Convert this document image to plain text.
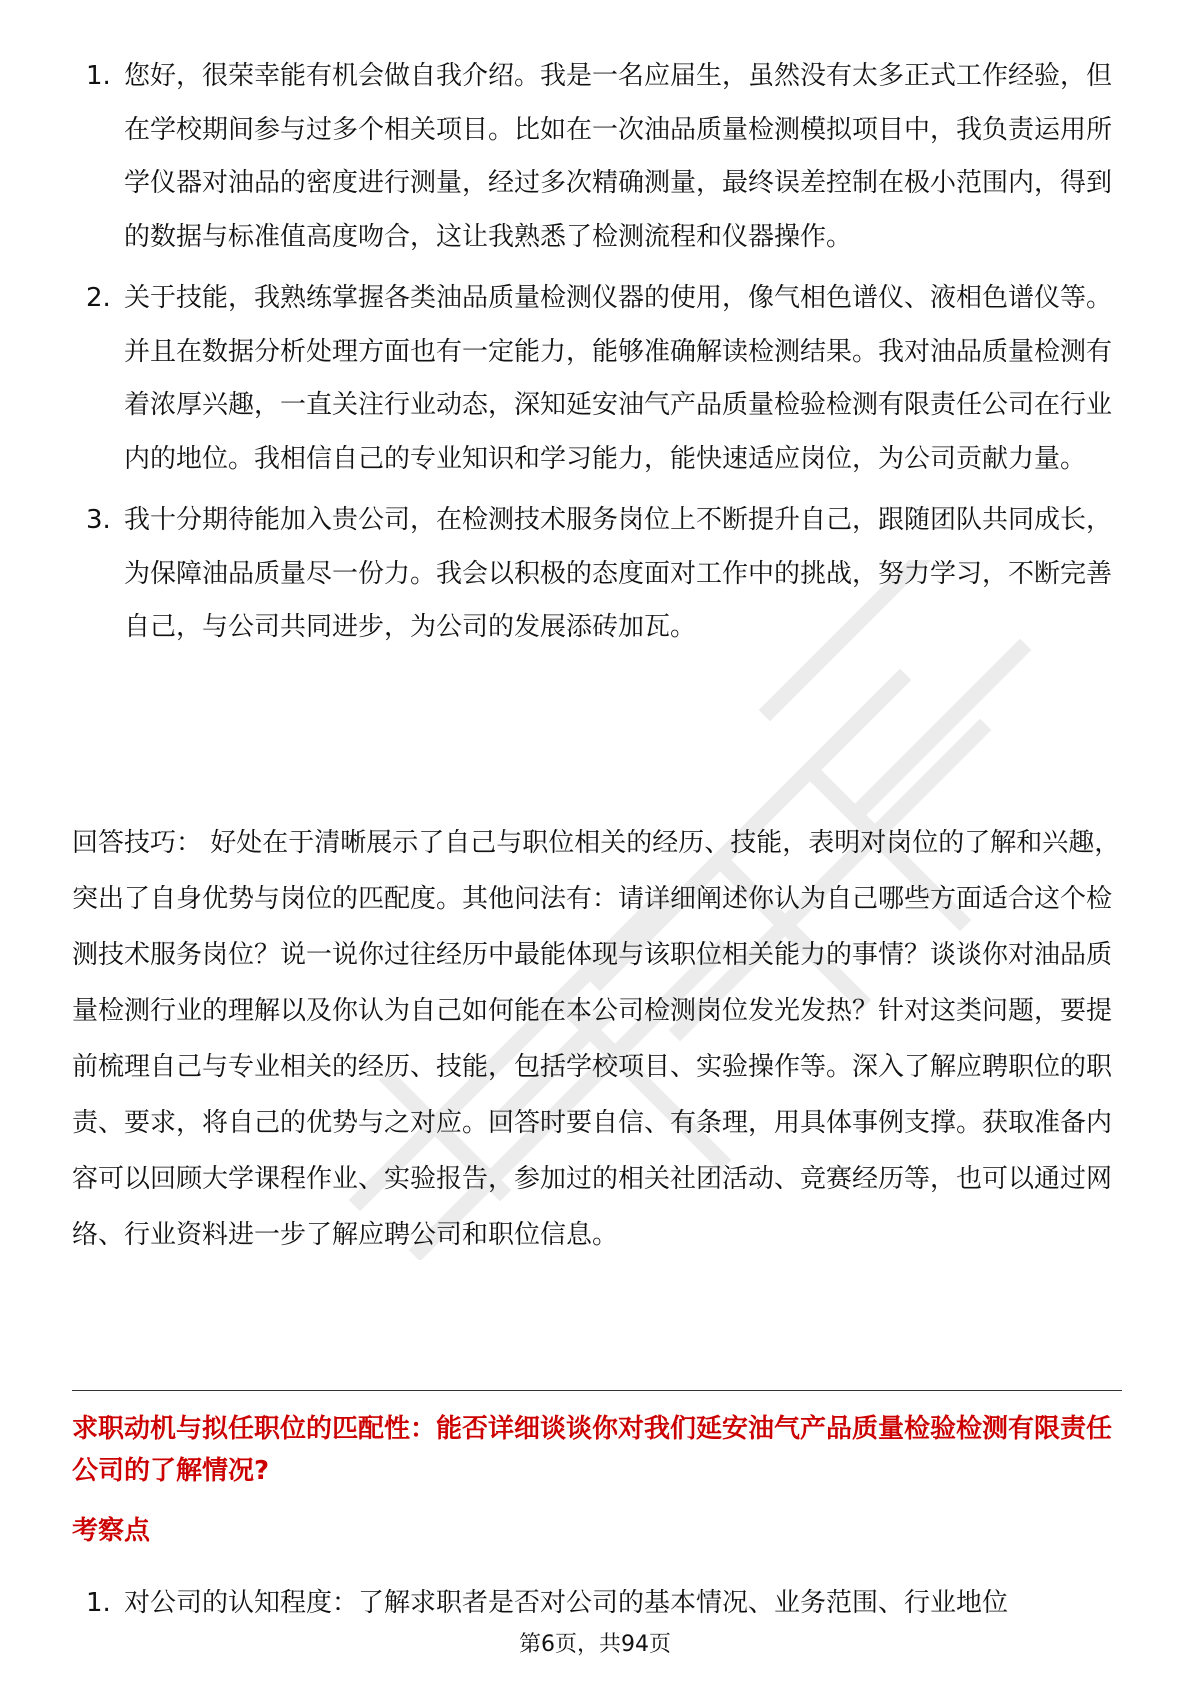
1. 您好，很荣幸能有机会做自我介绍。我是一名应届生，虽然没有太多正式工作经验，但在学校期间参与过多个相关项目。比如在一次油品质量检测模拟项目中，我负责运用所学仪器对油品的密度进行测量，经过多次精确测量，最终误差控制在极小范围内，得到的数据与标准值高度吻合，这让我熟悉了检测流程和仪器操作。
2. 关于技能，我熟练掌握各类油品质量检测仪器的使用，像气相色谱仪、液相色谱仪等。并且在数据分析处理方面也有一定能力，能够准确解读检测结果。我对油品质量检测有着浓厚兴趣，一直关注行业动态，深知延安油气产品质量检验检测有限责任公司在行业内的地位。我相信自己的专业知识和学习能力，能快速适应岗位，为公司贡献力量。
3. 我十分期待能加入贵公司，在检测技术服务岗位上不断提升自己，跟随团队共同成长，为保障油品质量尽一份力。我会以积极的态度面对工作中的挑战，努力学习，不断完善自己，与公司共同进步，为公司的发展添砖加瓦。

回答技巧： 好处在于清晰展示了自己与职位相关的经历、技能，表明对岗位的了解和兴趣，突出了自身优势与岗位的匹配度。其他问法有：请详细阐述你认为自己哪些方面适合这个检测技术服务岗位？说一说你过往经历中最能体现与该职位相关能力的事情？谈谈你对油品质量检测行业的理解以及你认为自己如何能在本公司检测岗位发光发热？针对这类问题，要提前梳理自己与专业相关的经历、技能，包括学校项目、实验操作等。深入了解应聘职位的职责、要求，将自己的优势与之对应。回答时要自信、有条理，用具体事例支撑。获取准备内容可以回顾大学课程作业、实验报告，参加过的相关社团活动、竞赛经历等，也可以通过网络、行业资料进一步了解应聘公司和职位信息。

求职动机与拟任职位的匹配性：能否详细谈谈你对我们延安油气产品质量检验检测有限责任公司的了解情况?
考察点
1. 对公司的认知程度：了解求职者是否对公司的基本情况、业务范围、行业地位
第6页，共94页
